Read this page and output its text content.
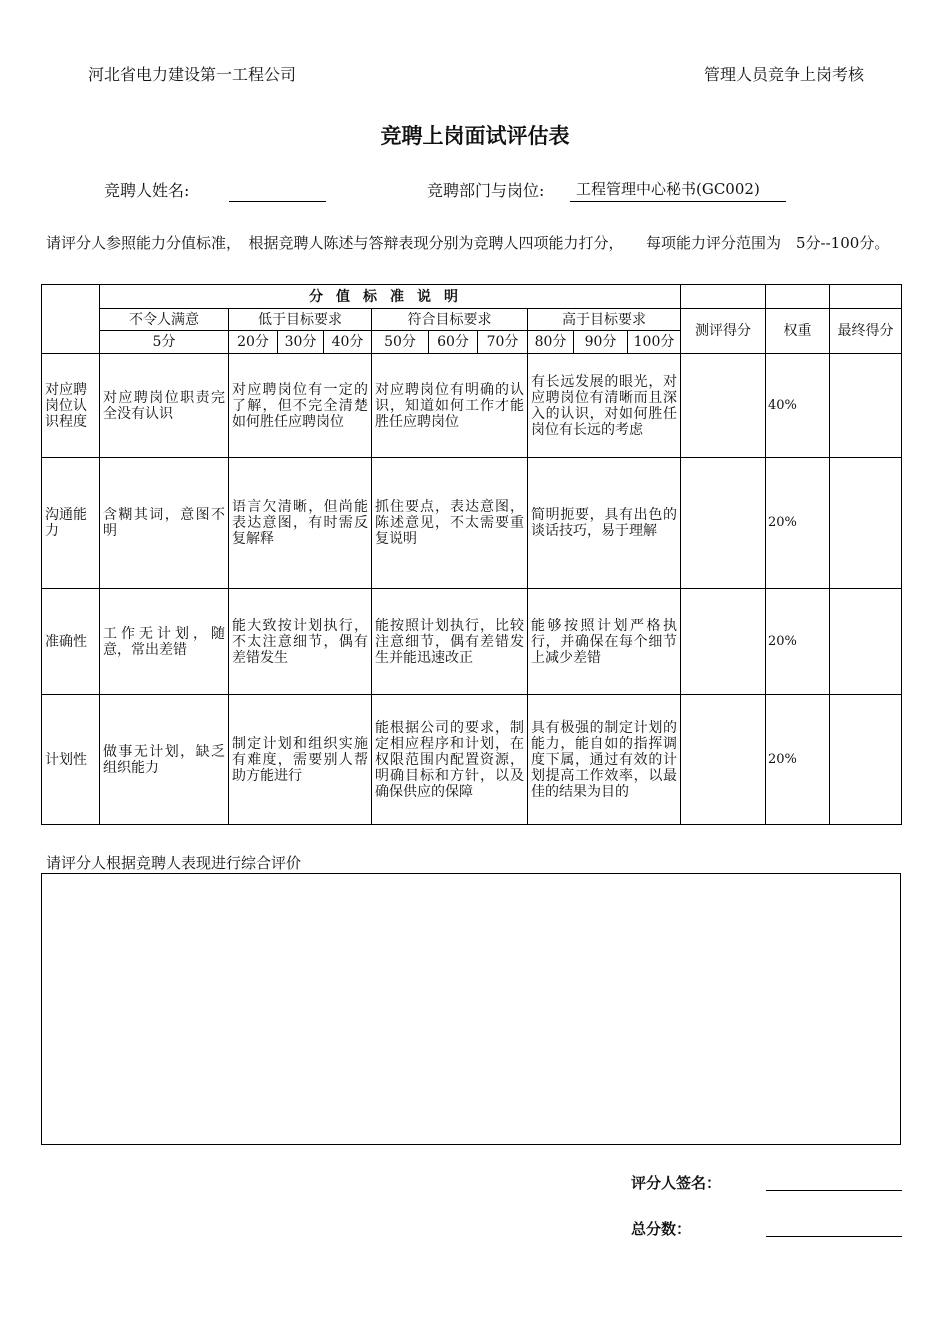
河北省电力建设第一工程公司	管理人员竞争上岗考核
竞聘上岗面试评估表
竞聘人姓名:	竞聘部门与岗位:	工程管理中心秘书(GC002)
请评分人参照能力分值标准，　根据竞聘人陈述与答辩表现分别为竞聘人四项能力打分，　　每项能力评分范围为　5分--100分。
	分值标准说明												
	不令人满意	低于目标要求			符合目标要求			高于目标要求			测评得分	权重	最终得分
	5分	20分	30分	40分	50分	60分	70分	80分	90分	100分			
对应聘岗位认识程度	对应聘岗位职责完全没有认识	对应聘岗位有一定的了解，但不完全清楚如何胜任应聘岗位			对应聘岗位有明确的认识，知道如何工作才能胜任应聘岗位			有长远发展的眼光，对应聘岗位有清晰而且深入的认识，对如何胜任岗位有长远的考虑				40%	
沟通能力	含糊其词，意图不明	语言欠清晰，但尚能表达意图，有时需反复解释			抓住要点，表达意图，陈述意见，不太需要重复说明			简明扼要，具有出色的谈话技巧，易于理解				20%	
准确性	工作无计划，随意，常出差错	能大致按计划执行，不太注意细节，偶有差错发生			能按照计划执行，比较注意细节，偶有差错发生并能迅速改正			能够按照计划严格执行，并确保在每个细节上减少差错				20%	
计划性	做事无计划，缺乏组织能力	制定计划和组织实施有难度，需要别人帮助方能进行			能根据公司的要求，制定相应程序和计划，在权限范围内配置资源，明确目标和方针，以及确保供应的保障			具有极强的制定计划的能力，能自如的指挥调度下属，通过有效的计划提高工作效率，以最佳的结果为目的				20%	
请评分人根据竞聘人表现进行综合评价
评分人签名：
总分数：
